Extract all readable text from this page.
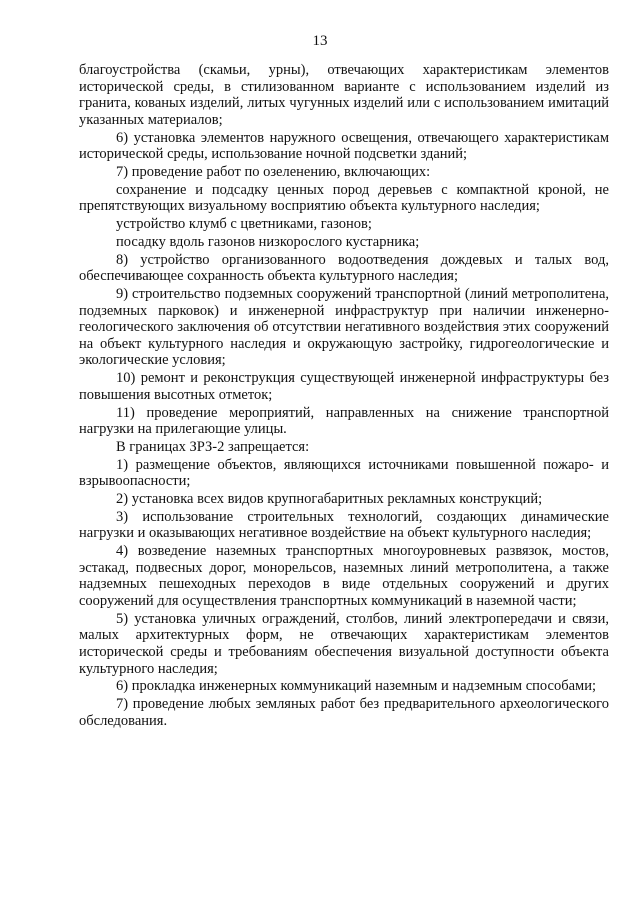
13

благоустройства (скамьи, урны), отвечающих характеристикам элементов исторической среды, в стилизованном варианте с использованием изделий из гранита, кованых изделий, литых чугунных изделий или с использованием имитаций указанных материалов;

6) установка элементов наружного освещения, отвечающего характеристикам исторической среды, использование ночной подсветки зданий;

7) проведение работ по озеленению, включающих:

сохранение и подсадку ценных пород деревьев с компактной кроной, не препятствующих визуальному восприятию объекта культурного наследия;

устройство клумб с цветниками, газонов;

посадку вдоль газонов низкорослого кустарника;

8) устройство организованного водоотведения дождевых и талых вод, обеспечивающее сохранность объекта культурного наследия;

9) строительство подземных сооружений транспортной (линий метрополитена, подземных парковок) и инженерной инфраструктур при наличии инженерно-геологического заключения об отсутствии негативного воздействия этих сооружений на объект культурного наследия и окружающую застройку, гидрогеологические и экологические условия;

10) ремонт и реконструкция существующей инженерной инфраструктуры без повышения высотных отметок;

11) проведение мероприятий, направленных на снижение транспортной нагрузки на прилегающие улицы.

В границах ЗРЗ-2 запрещается:

1) размещение объектов, являющихся источниками повышенной пожаро- и взрывоопасности;

2) установка всех видов крупногабаритных рекламных конструкций;

3) использование строительных технологий, создающих динамические нагрузки и оказывающих негативное воздействие на объект культурного наследия;

4) возведение наземных транспортных многоуровневых развязок, мостов, эстакад, подвесных дорог, монорельсов, наземных линий метрополитена, а также надземных пешеходных переходов в виде отдельных сооружений и других сооружений для осуществления транспортных коммуникаций в наземной части;

5) установка уличных ограждений, столбов, линий электропередачи и связи, малых архитектурных форм, не отвечающих характеристикам элементов исторической среды и требованиям обеспечения визуальной доступности объекта культурного наследия;

6) прокладка инженерных коммуникаций наземным и надземным способами;

7) проведение любых земляных работ без предварительного археологического обследования.
